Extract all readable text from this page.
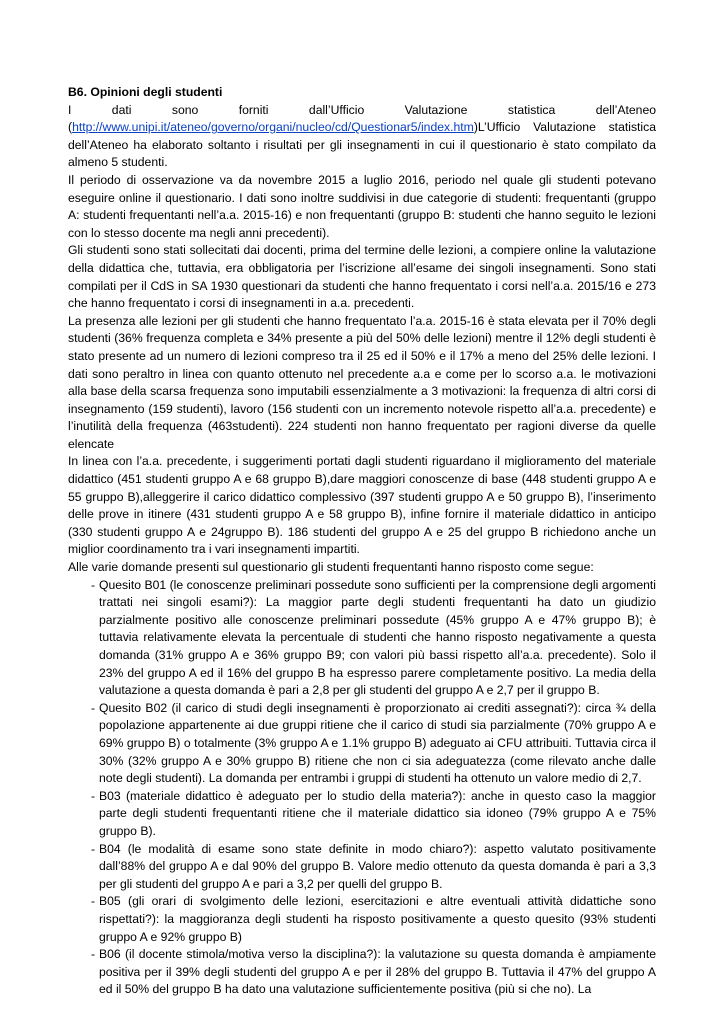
B6. Opinioni degli studenti
I	dati	sono	forniti	dall’Ufficio	Valutazione	statistica	dell’Ateneo

(http://www.unipi.it/ateneo/governo/organi/nucleo/cd/Questionar5/index.htm)L’Ufficio Valutazione statistica dell’Ateneo ha elaborato soltanto i risultati per gli insegnamenti in cui il questionario è stato compilato da almeno 5 studenti.

Il periodo di osservazione va da novembre 2015 a luglio 2016, periodo nel quale gli studenti potevano eseguire online il questionario. I dati sono inoltre suddivisi in due categorie di studenti: frequentanti (gruppo A: studenti frequentanti nell’a.a. 2015-16) e non frequentanti (gruppo B: studenti che hanno seguito le lezioni con lo stesso docente ma negli anni precedenti).

Gli studenti sono stati sollecitati dai docenti, prima del termine delle lezioni, a compiere online la valutazione della didattica che, tuttavia, era obbligatoria per l’iscrizione all’esame dei singoli insegnamenti. Sono stati compilati per il CdS in SA 1930 questionari da studenti che hanno frequentato i corsi nell’a.a. 2015/16 e 273 che hanno frequentato i corsi di insegnamenti in a.a. precedenti.

La presenza alle lezioni per gli studenti che hanno frequentato l’a.a. 2015-16 è stata elevata per il 70% degli studenti (36% frequenza completa e 34% presente a più del 50% delle lezioni) mentre il 12% degli studenti è stato presente ad un numero di lezioni compreso tra il 25 ed il 50% e il 17% a meno del 25% delle lezioni. I dati sono peraltro in linea con quanto ottenuto nel precedente a.a e come per lo scorso a.a. le motivazioni alla base della scarsa frequenza sono imputabili essenzialmente a 3 motivazioni: la frequenza di altri corsi di insegnamento (159 studenti), lavoro (156 studenti con un incremento notevole rispetto all’a.a. precedente) e l’inutilità della frequenza (463studenti). 224 studenti non hanno frequentato per ragioni diverse da quelle elencate

In linea con l’a.a. precedente, i suggerimenti portati dagli studenti riguardano il miglioramento del materiale didattico (451 studenti gruppo A e 68 gruppo B),dare maggiori conoscenze di base (448 studenti gruppo A e 55 gruppo B),alleggerire il carico didattico complessivo (397 studenti gruppo A e 50 gruppo B), l’inserimento delle prove in itinere (431 studenti gruppo A e 58 gruppo B), infine fornire il materiale didattico in anticipo (330 studenti gruppo A e 24gruppo B). 186 studenti del gruppo A e 25 del gruppo B richiedono anche un miglior coordinamento tra i vari insegnamenti impartiti.

Alle varie domande presenti sul questionario gli studenti frequentanti hanno risposto come segue:

- Quesito B01 (le conoscenze preliminari possedute sono sufficienti per la comprensione degli argomenti trattati nei singoli esami?): La maggior parte degli studenti frequentanti ha dato un giudizio parzialmente positivo alle conoscenze preliminari possedute (45% gruppo A e 47% gruppo B); è tuttavia relativamente elevata la percentuale di studenti che hanno risposto negativamente a questa domanda (31% gruppo A e 36% gruppo B9; con valori più bassi rispetto all’a.a. precedente). Solo il 23% del gruppo A ed il 16% del gruppo B ha espresso parere completamente positivo. La media della valutazione a questa domanda è pari a 2,8 per gli studenti del gruppo A e 2,7 per il gruppo B.
- Quesito B02 (il carico di studi degli insegnamenti è proporzionato ai crediti assegnati?): circa ¾ della popolazione appartenente ai due gruppi ritiene che il carico di studi sia parzialmente (70% gruppo A e 69% gruppo B) o totalmente (3% gruppo A e 1.1% gruppo B) adeguato ai CFU attribuiti. Tuttavia circa il 30% (32% gruppo A e 30% gruppo B) ritiene che non ci sia adeguatezza (come rilevato anche dalle note degli studenti). La domanda per entrambi i gruppi di studenti ha ottenuto un valore medio di 2,7.
- B03 (materiale didattico è adeguato per lo studio della materia?): anche in questo caso la maggior parte degli studenti frequentanti ritiene che il materiale didattico sia idoneo (79% gruppo A e 75% gruppo B).
- B04 (le modalità di esame sono state definite in modo chiaro?): aspetto valutato positivamente dall’88% del gruppo A e dal 90% del gruppo B. Valore medio ottenuto da questa domanda è pari a 3,3 per gli studenti del gruppo A e pari a 3,2 per quelli del gruppo B.
- B05 (gli orari di svolgimento delle lezioni, esercitazioni e altre eventuali attività didattiche sono rispettati?): la maggioranza degli studenti ha risposto positivamente a questo quesito (93% studenti gruppo A e 92% gruppo B)
- B06 (il docente stimola/motiva verso la disciplina?): la valutazione su questa domanda è ampiamente positiva per il 39% degli studenti del gruppo A e per il 28% del gruppo B. Tuttavia il 47% del gruppo A ed il 50% del gruppo B ha dato una valutazione sufficientemente positiva (più si che no). La
